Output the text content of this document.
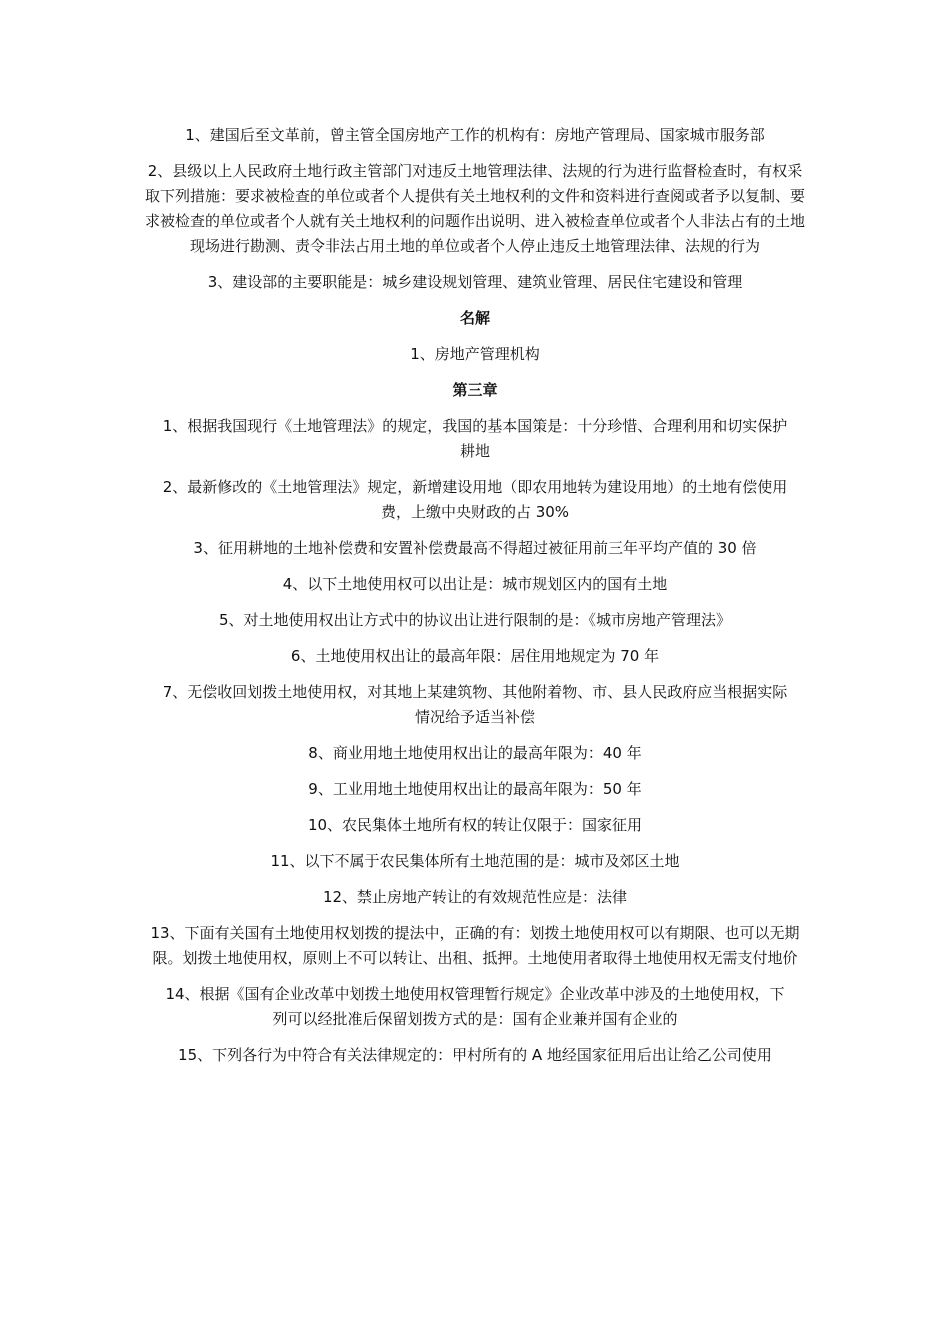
1、建国后至文革前，曾主管全国房地产工作的机构有：房地产管理局、国家城市服务部

2、县级以上人民政府土地行政主管部门对违反土地管理法律、法规的行为进行监督检查时，有权采取下列措施：要求被检查的单位或者个人提供有关土地权利的文件和资料进行查阅或者予以复制、要求被检查的单位或者个人就有关土地权利的问题作出说明、进入被检查单位或者个人非法占有的土地现场进行勘测、责令非法占用土地的单位或者个人停止违反土地管理法律、法规的行为

3、建设部的主要职能是：城乡建设规划管理、建筑业管理、居民住宅建设和管理

名解

1、房地产管理机构

第三章

1、根据我国现行《土地管理法》的规定，我国的基本国策是：十分珍惜、合理利用和切实保护耕地

2、最新修改的《土地管理法》规定，新增建设用地（即农用地转为建设用地）的土地有偿使用费，上缴中央财政的占 30%

3、征用耕地的土地补偿费和安置补偿费最高不得超过被征用前三年平均产值的 30 倍

4、以下土地使用权可以出让是：城市规划区内的国有土地

5、对土地使用权出让方式中的协议出让进行限制的是：《城市房地产管理法》

6、土地使用权出让的最高年限：居住用地规定为 70 年

7、无偿收回划拨土地使用权，对其地上某建筑物、其他附着物、市、县人民政府应当根据实际情况给予适当补偿

8、商业用地土地使用权出让的最高年限为：40 年

9、工业用地土地使用权出让的最高年限为：50 年

10、农民集体土地所有权的转让仅限于：国家征用

11、以下不属于农民集体所有土地范围的是：城市及郊区土地

12、禁止房地产转让的有效规范性应是：法律

13、下面有关国有土地使用权划拨的提法中，正确的有：划拨土地使用权可以有期限、也可以无期限。划拨土地使用权，原则上不可以转让、出租、抵押。土地使用者取得土地使用权无需支付地价

14、根据《国有企业改革中划拨土地使用权管理暂行规定》企业改革中涉及的土地使用权，下列可以经批准后保留划拨方式的是：国有企业兼并国有企业的

15、下列各行为中符合有关法律规定的：甲村所有的 A 地经国家征用后出让给乙公司使用
